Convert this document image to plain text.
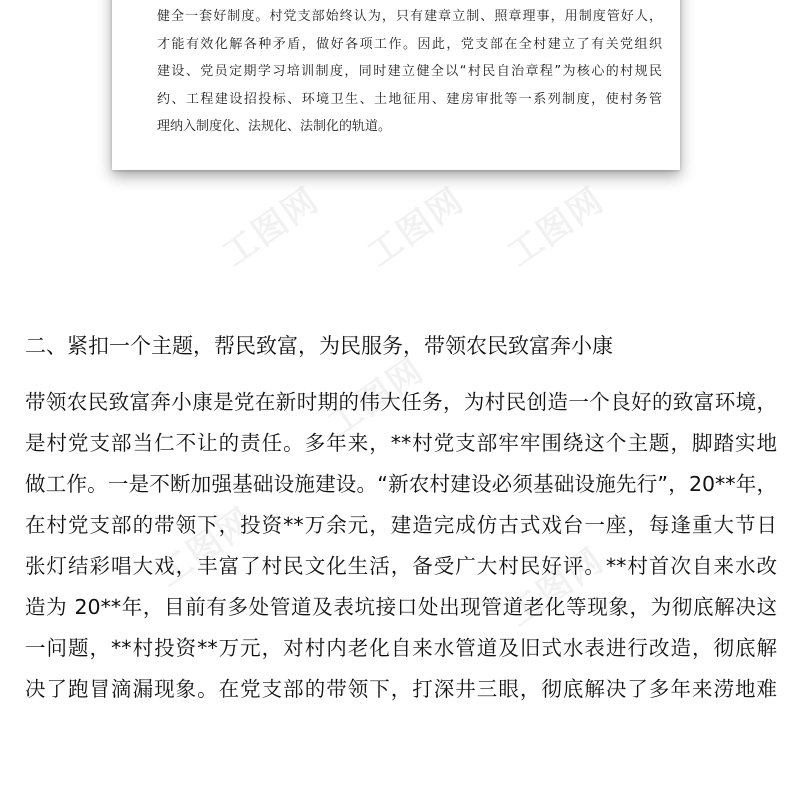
工图网 工图网 工图网
工图网
工图网	工图网
健全一套好制度。村党支部始终认为，只有建章立制、照章理事，用制度管好人，
才能有效化解各种矛盾，做好各项工作。因此，党支部在全村建立了有关党组织
建设、党员定期学习培训制度，同时建立健全以“村民自治章程”为核心的村规民
约、工程建设招投标、环境卫生、土地征用、建房审批等一系列制度，使村务管
理纳入制度化、法规化、法制化的轨道。
二、紧扣一个主题，帮民致富，为民服务，带领农民致富奔小康
带领农民致富奔小康是党在新时期的伟大任务，为村民创造一个良好的致富环境，
是村党支部当仁不让的责任。多年来，**村党支部牢牢围绕这个主题，脚踏实地
做工作。一是不断加强基础设施建设。“新农村建设必须基础设施先行”，20**年，
在村党支部的带领下，投资**万余元，建造完成仿古式戏台一座，每逢重大节日
张灯结彩唱大戏，丰富了村民文化生活，备受广大村民好评。**村首次自来水改
造为 20**年，目前有多处管道及表坑接口处出现管道老化等现象，为彻底解决这
一问题，**村投资**万元，对村内老化自来水管道及旧式水表进行改造，彻底解
决了跑冒滴漏现象。在党支部的带领下，打深井三眼，彻底解决了多年来涝地难
